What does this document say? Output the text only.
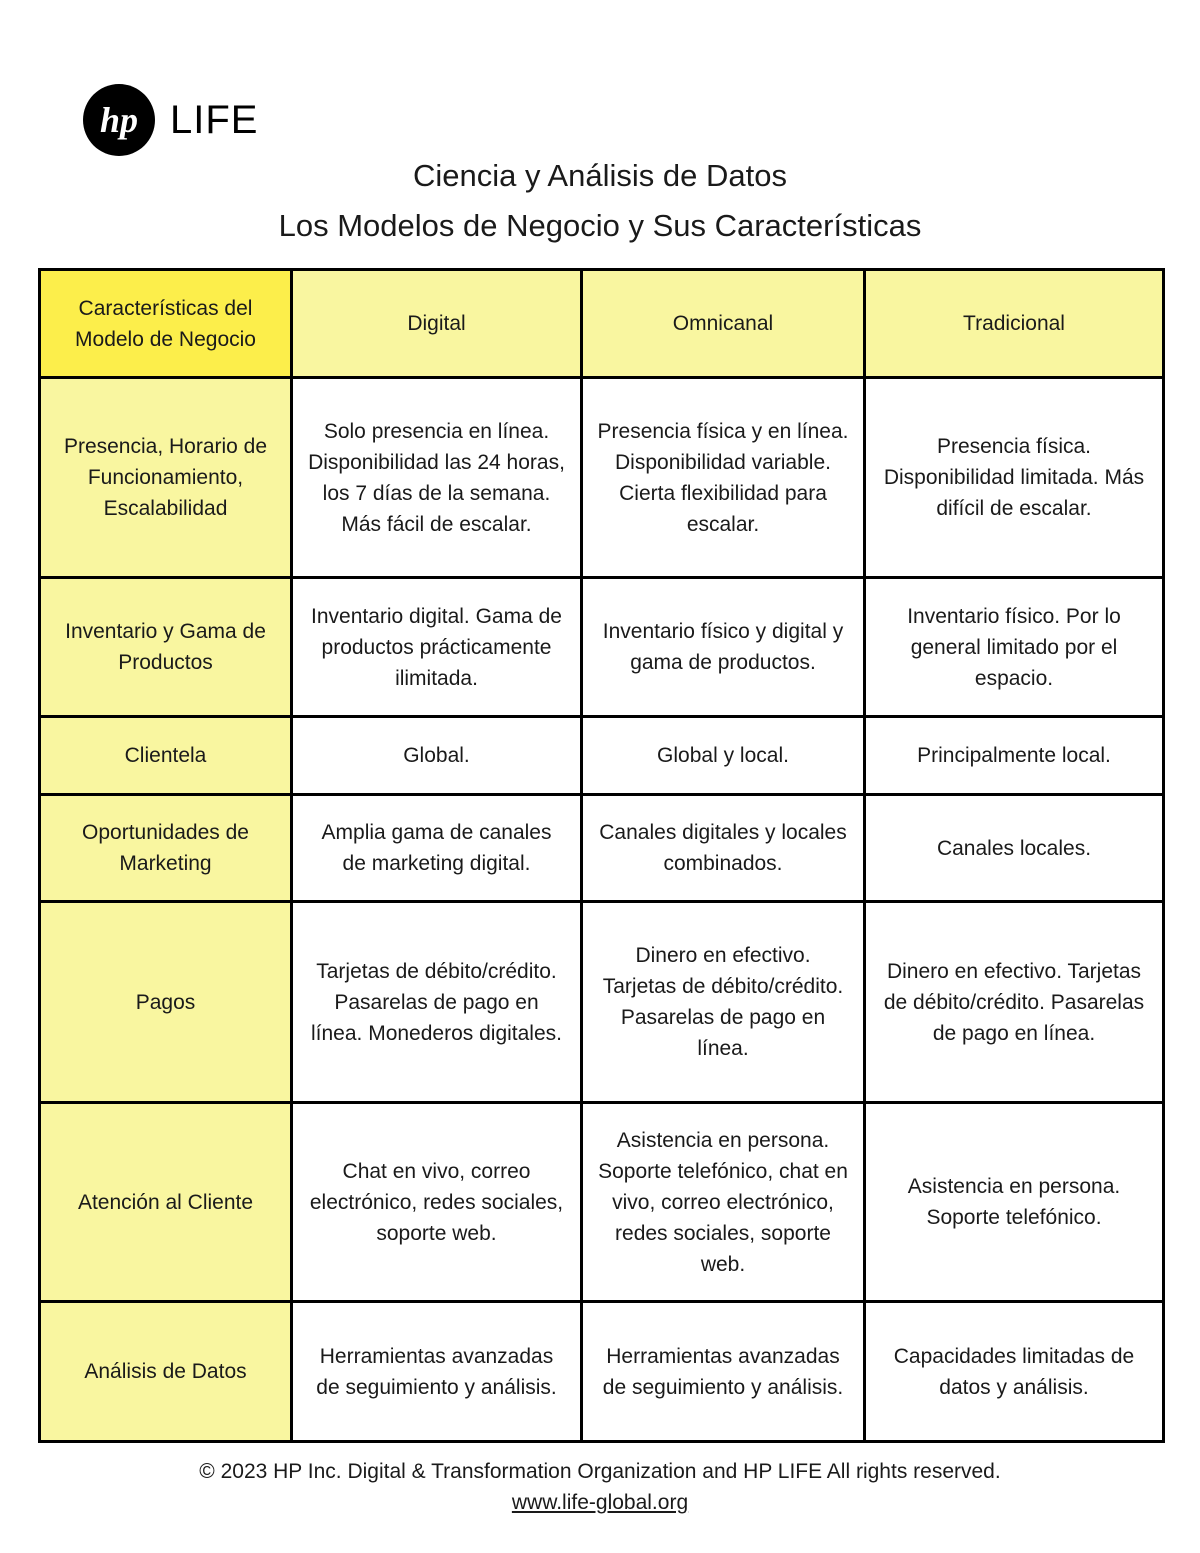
hp LIFE
Ciencia y Análisis de Datos
Los Modelos de Negocio y Sus Características
Características del Modelo de Negocio	Digital	Omnicanal	Tradicional
Presencia, Horario de Funcionamiento, Escalabilidad	Solo presencia en línea. Disponibilidad las 24 horas, los 7 días de la semana. Más fácil de escalar.	Presencia física y en línea. Disponibilidad variable. Cierta flexibilidad para escalar.	Presencia física. Disponibilidad limitada. Más difícil de escalar.
Inventario y Gama de Productos	Inventario digital. Gama de productos prácticamente ilimitada.	Inventario físico y digital y gama de productos.	Inventario físico. Por lo general limitado por el espacio.
Clientela	Global.	Global y local.	Principalmente local.
Oportunidades de Marketing	Amplia gama de canales de marketing digital.	Canales digitales y locales combinados.	Canales locales.
Pagos	Tarjetas de débito/crédito. Pasarelas de pago en línea. Monederos digitales.	Dinero en efectivo. Tarjetas de débito/crédito. Pasarelas de pago en línea.	Dinero en efectivo. Tarjetas de débito/crédito. Pasarelas de pago en línea.
Atención al Cliente	Chat en vivo, correo electrónico, redes sociales, soporte web.	Asistencia en persona. Soporte telefónico, chat en vivo, correo electrónico, redes sociales, soporte web.	Asistencia en persona. Soporte telefónico.
Análisis de Datos	Herramientas avanzadas de seguimiento y análisis.	Herramientas avanzadas de seguimiento y análisis.	Capacidades limitadas de datos y análisis.
© 2023 HP Inc. Digital & Transformation Organization and HP LIFE All rights reserved.
www.life-global.org
